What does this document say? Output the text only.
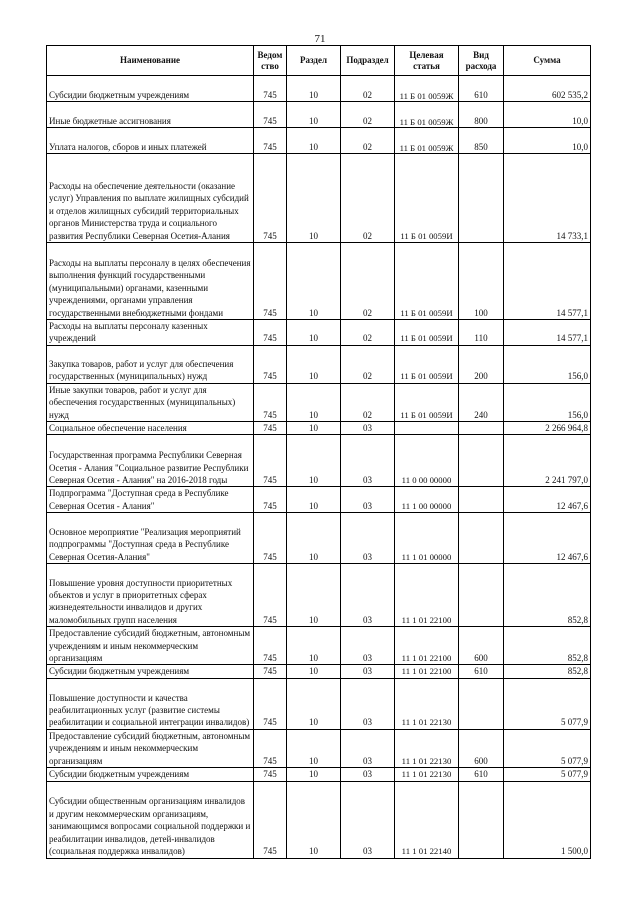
71
Наименование	Ведом ство	Раздел	Подраздел	Целевая статья	Вид расхода	Сумма

Субсидии бюджетным учреждениям	745	10	02	11 Б 01 0059Ж	610	602 535,2

Иные бюджетные ассигнования	745	10	02	11 Б 01 0059Ж	800	10,0

Уплата налогов, сборов и иных платежей	745	10	02	11 Б 01 0059Ж	850	10,0

Расходы на обеспечение деятельности (оказание услуг) Управления по выплате жилищных субсидий и отделов жилищных субсидий территориальных органов Министерства труда и социального развития Республики Северная Осетия-Алания	745	10	02	11 Б 01 0059И		14 733,1

Расходы на выплаты персоналу в целях обеспечения выполнения функций государственными (муниципальными) органами, казенными учреждениями, органами управления государственными внебюджетными фондами	745	10	02	11 Б 01 0059И	100	14 577,1

Расходы на выплаты персоналу казенных учреждений	745	10	02	11 Б 01 0059И	110	14 577,1

Закупка товаров, работ и услуг для обеспечения государственных (муниципальных) нужд	745	10	02	11 Б 01 0059И	200	156,0

Иные закупки товаров, работ и услуг для обеспечения государственных (муниципальных) нужд	745	10	02	11 Б 01 0059И	240	156,0

Социальное обеспечение населения	745	10	03			2 266 964,8

Государственная программа Республики Северная Осетия - Алания "Социальное развитие Республики Северная Осетия - Алания" на 2016-2018 годы	745	10	03	11 0 00 00000		2 241 797,0

Подпрограмма "Доступная среда в Республике Северная Осетия - Алания"	745	10	03	11 1 00 00000		12 467,6

Основное мероприятие "Реализация мероприятий подпрограммы "Доступная среда в Республике Северная Осетия-Алания"	745	10	03	11 1 01 00000		12 467,6

Повышение уровня доступности приоритетных объектов и услуг в приоритетных сферах жизнедеятельности инвалидов и других маломобильных групп населения	745	10	03	11 1 01 22100		852,8

Предоставление субсидий бюджетным, автономным учреждениям и иным некоммерческим организациям	745	10	03	11 1 01 22100	600	852,8

Субсидии бюджетным учреждениям	745	10	03	11 1 01 22100	610	852,8

Повышение доступности и качества реабилитационных услуг (развитие системы реабилитации и социальной интеграции инвалидов)	745	10	03	11 1 01 22130		5 077,9

Предоставление субсидий бюджетным, автономным учреждениям и иным некоммерческим организациям	745	10	03	11 1 01 22130	600	5 077,9

Субсидии бюджетным учреждениям	745	10	03	11 1 01 22130	610	5 077,9

Субсидии общественным организациям инвалидов и другим некоммерческим организациям, занимающимся вопросами социальной поддержки и реабилитации инвалидов, детей-инвалидов (социальная поддержка инвалидов)	745	10	03	11 1 01 22140		1 500,0
